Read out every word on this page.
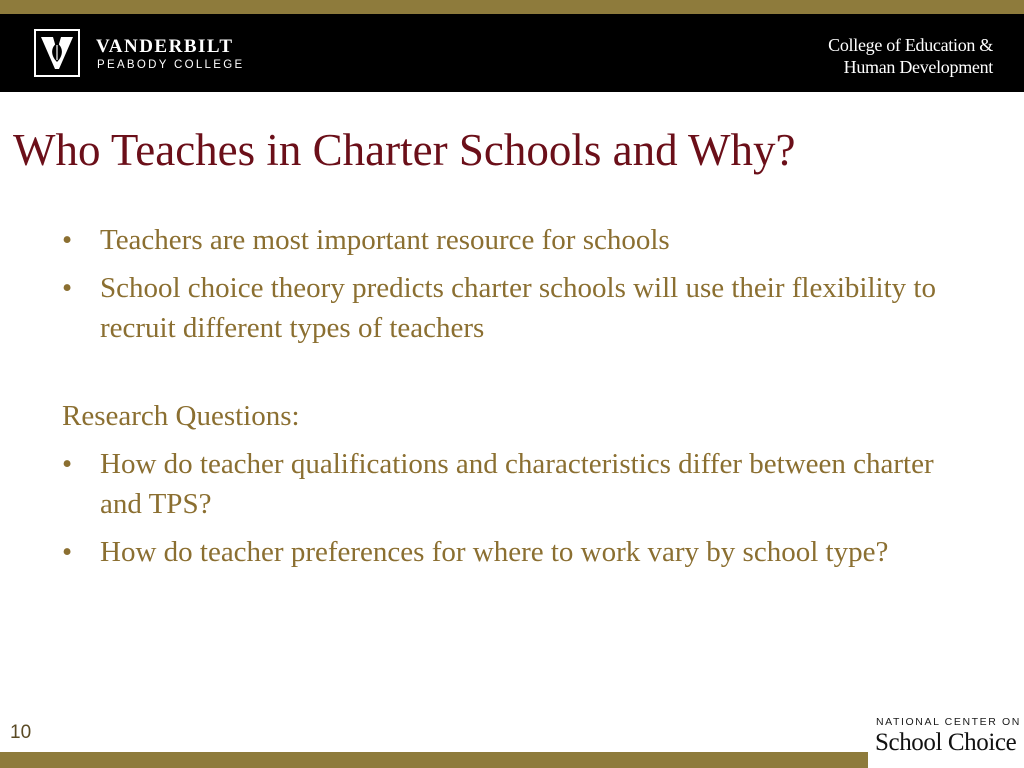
VANDERBILT
PEABODY COLLEGE
College of Education &
Human Development
Who Teaches in Charter Schools and Why?
• Teachers are most important resource for schools
• School choice theory predicts charter schools will use their flexibility to recruit different types of teachers
Research Questions:
• How do teacher qualifications and characteristics differ between charter and TPS?
• How do teacher preferences for where to work vary by school type?
10	NATIONAL CENTER ON
School Choice
